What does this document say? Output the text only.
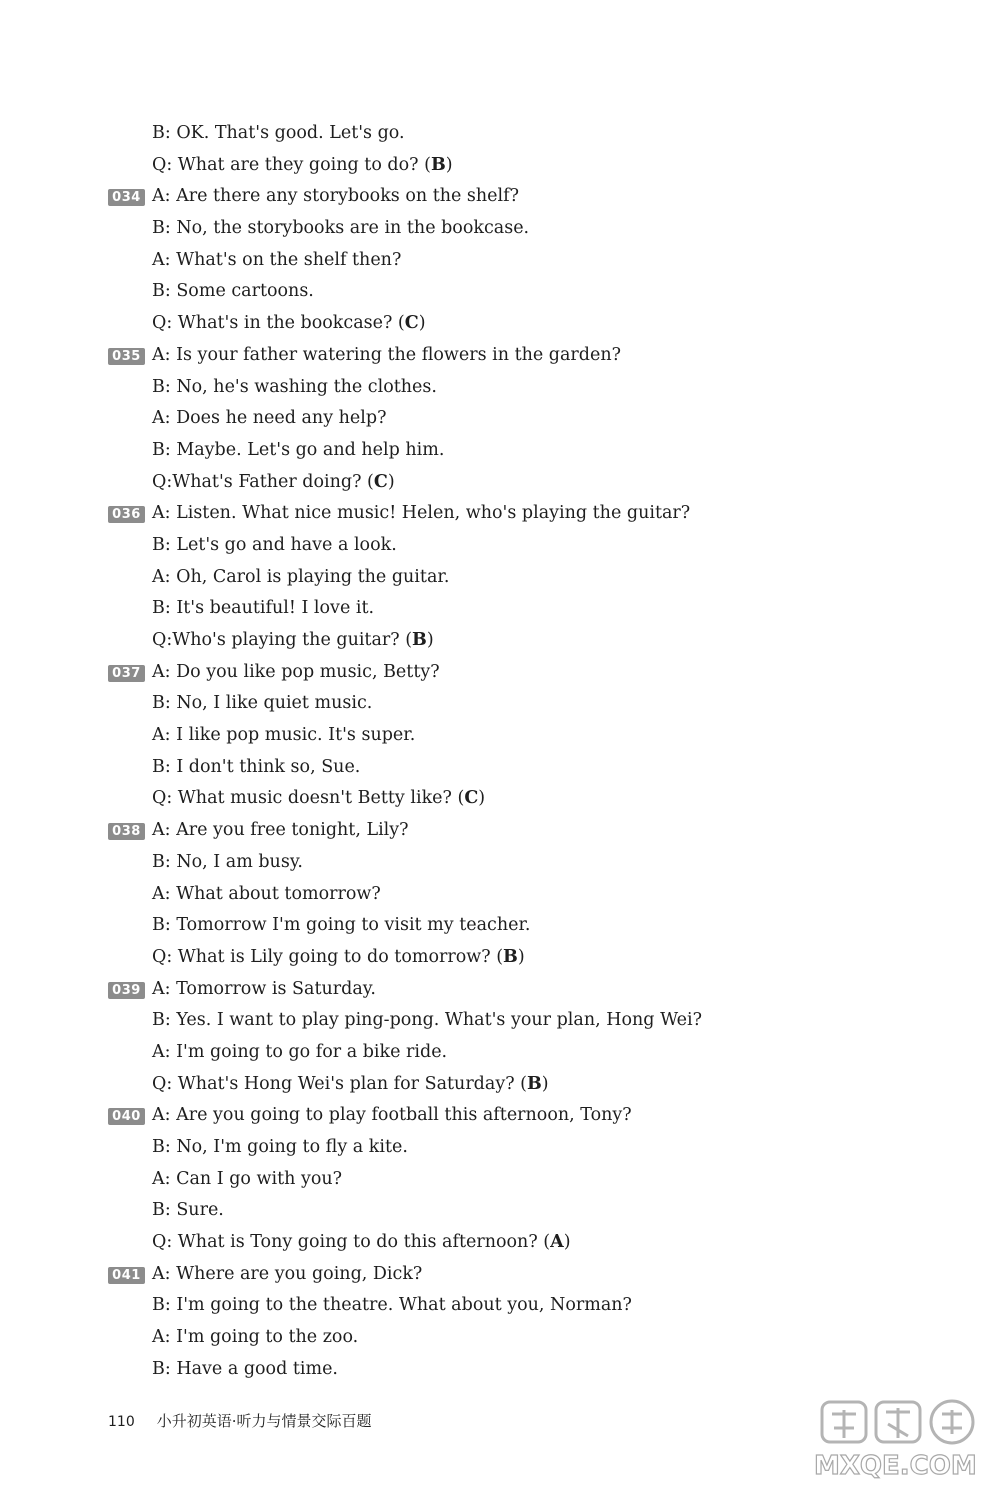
B: OK. That's good. Let's go.
Q: What are they going to do? (B)
034 A: Are there any storybooks on the shelf?
B: No, the storybooks are in the bookcase.
A: What's on the shelf then?
B: Some cartoons.
Q: What's in the bookcase? (C)
035 A: Is your father watering the flowers in the garden?
B: No, he's washing the clothes.
A: Does he need any help?
B: Maybe. Let's go and help him.
Q:What's Father doing? (C)
036 A: Listen. What nice music! Helen, who's playing the guitar?
B: Let's go and have a look.
A: Oh, Carol is playing the guitar.
B: It's beautiful! I love it.
Q:Who's playing the guitar? (B)
037 A: Do you like pop music, Betty?
B: No, I like quiet music.
A: I like pop music. It's super.
B: I don't think so, Sue.
Q: What music doesn't Betty like? (C)
038 A: Are you free tonight, Lily?
B: No, I am busy.
A: What about tomorrow?
B: Tomorrow I'm going to visit my teacher.
Q: What is Lily going to do tomorrow? (B)
039 A: Tomorrow is Saturday.
B: Yes. I want to play ping-pong. What's your plan, Hong Wei?
A: I'm going to go for a bike ride.
Q: What's Hong Wei's plan for Saturday? (B)
040 A: Are you going to play football this afternoon, Tony?
B: No, I'm going to fly a kite.
A: Can I go with you?
B: Sure.
Q: What is Tony going to do this afternoon? (A)
041 A: Where are you going, Dick?
B: I'm going to the theatre. What about you, Norman?
A: I'm going to the zoo.
B: Have a good time.
110 小升初英语·听力与情景交际百题
MXQE.COM
